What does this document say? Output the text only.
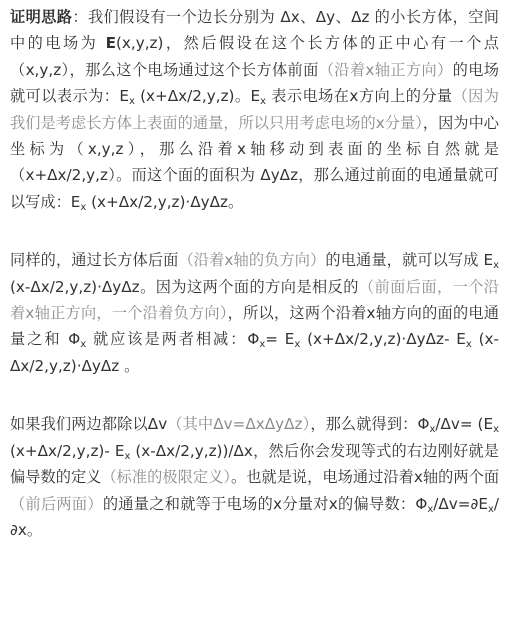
证明思路：我们假设有一个边长分别为 Δx、Δy、Δz 的小长方体，空间中的电场为 E(x,y,z)，然后假设在这个长方体的正中心有一个点（x,y,z），那么这个电场通过这个长方体前面（沿着x轴正方向）的电场就可以表示为：$E_x$ (x+Δx/2,y,z)。$E_x$ 表示电场在x方向上的分量（因为我们是考虑长方体上表面的通量，所以只用考虑电场的x分量），因为中心坐标为（x,y,z），那么沿着x轴移动到表面的坐标自然就是（x+Δx/2,y,z）。而这个面的面积为 ΔyΔz，那么通过前面的电通量就可以写成：$E_x$ (x+Δx/2,y,z)·ΔyΔz。

同样的，通过长方体后面（沿着x轴的负方向）的电通量，就可以写成 $E_x$ (x-Δx/2,y,z)·ΔyΔz。因为这两个面的方向是相反的（前面后面，一个沿着x轴正方向，一个沿着负方向），所以，这两个沿着x轴方向的面的电通量之和 $\Phi_x$ 就应该是两者相减：$\Phi_x= E_x$ (x+Δx/2,y,z)·ΔyΔz- $E_x$ (x-Δx/2,y,z)·ΔyΔz 。

如果我们两边都除以Δv（其中Δv=ΔxΔyΔz），那么就得到：$\Phi_x/\Delta v= (E_x$ (x+Δx/2,y,z)- $E_x$ (x-Δx/2,y,z))/Δx，然后你会发现等式的右边刚好就是偏导数的定义（标准的极限定义）。也就是说，电场通过沿着x轴的两个面（前后两面）的通量之和就等于电场的x分量对x的偏导数：$\Phi_x/\Delta v=\partial E_x/\partial x$。
